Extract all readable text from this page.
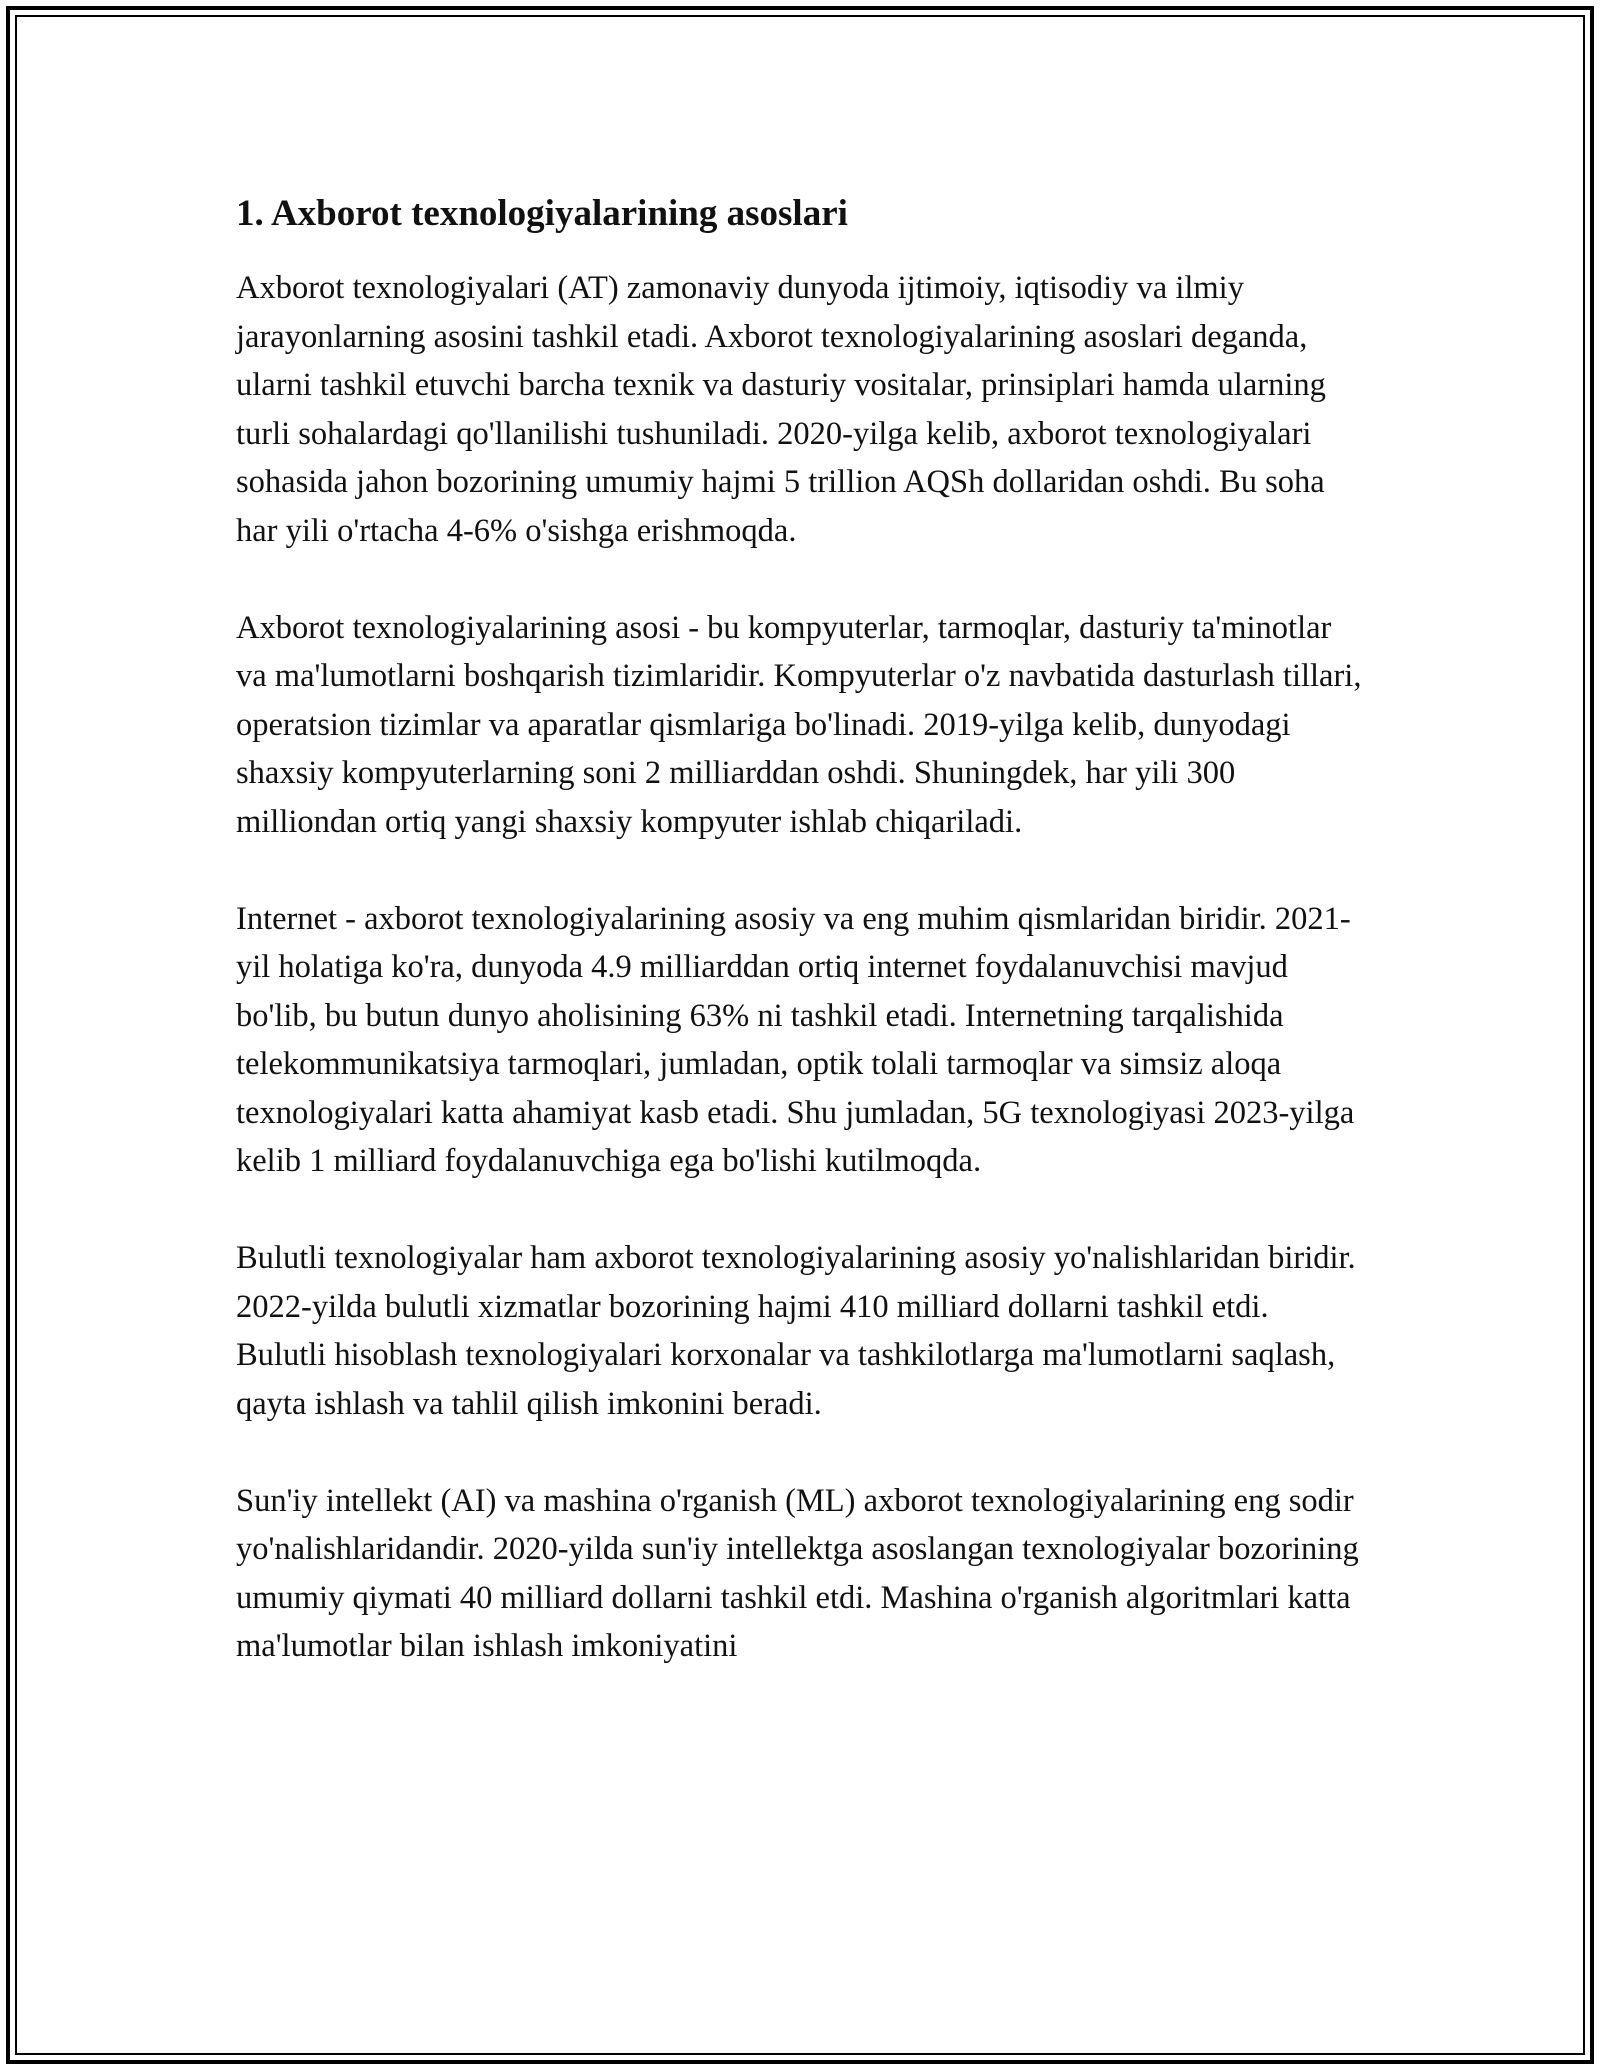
1. Axborot texnologiyalarining asoslari

Axborot texnologiyalari (AT) zamonaviy dunyoda ijtimoiy, iqtisodiy va ilmiy jarayonlarning asosini tashkil etadi. Axborot texnologiyalarining asoslari deganda, ularni tashkil etuvchi barcha texnik va dasturiy vositalar, prinsiplari hamda ularning turli sohalardagi qo'llanilishi tushuniladi. 2020-yilga kelib, axborot texnologiyalari sohasida jahon bozorining umumiy hajmi 5 trillion AQSh dollaridan oshdi. Bu soha har yili o'rtacha 4-6% o'sishga erishmoqda.

Axborot texnologiyalarining asosi - bu kompyuterlar, tarmoqlar, dasturiy ta'minotlar va ma'lumotlarni boshqarish tizimlaridir. Kompyuterlar o'z navbatida dasturlash tillari, operatsion tizimlar va aparatlar qismlariga bo'linadi. 2019-yilga kelib, dunyodagi shaxsiy kompyuterlarning soni 2 milliarddan oshdi. Shuningdek, har yili 300 milliondan ortiq yangi shaxsiy kompyuter ishlab chiqariladi.

Internet - axborot texnologiyalarining asosiy va eng muhim qismlaridan biridir. 2021-yil holatiga ko'ra, dunyoda 4.9 milliarddan ortiq internet foydalanuvchisi mavjud bo'lib, bu butun dunyo aholisining 63% ni tashkil etadi. Internetning tarqalishida telekommunikatsiya tarmoqlari, jumladan, optik tolali tarmoqlar va simsiz aloqa texnologiyalari katta ahamiyat kasb etadi. Shu jumladan, 5G texnologiyasi 2023-yilga kelib 1 milliard foydalanuvchiga ega bo'lishi kutilmoqda.

Bulutli texnologiyalar ham axborot texnologiyalarining asosiy yo'nalishlaridan biridir. 2022-yilda bulutli xizmatlar bozorining hajmi 410 milliard dollarni tashkil etdi. Bulutli hisoblash texnologiyalari korxonalar va tashkilotlarga ma'lumotlarni saqlash, qayta ishlash va tahlil qilish imkonini beradi.

Sun'iy intellekt (AI) va mashina o'rganish (ML) axborot texnologiyalarining eng sodir yo'nalishlaridandir. 2020-yilda sun'iy intellektga asoslangan texnologiyalar bozorining umumiy qiymati 40 milliard dollarni tashkil etdi. Mashina o'rganish algoritmlari katta ma'lumotlar bilan ishlash imkoniyatini
